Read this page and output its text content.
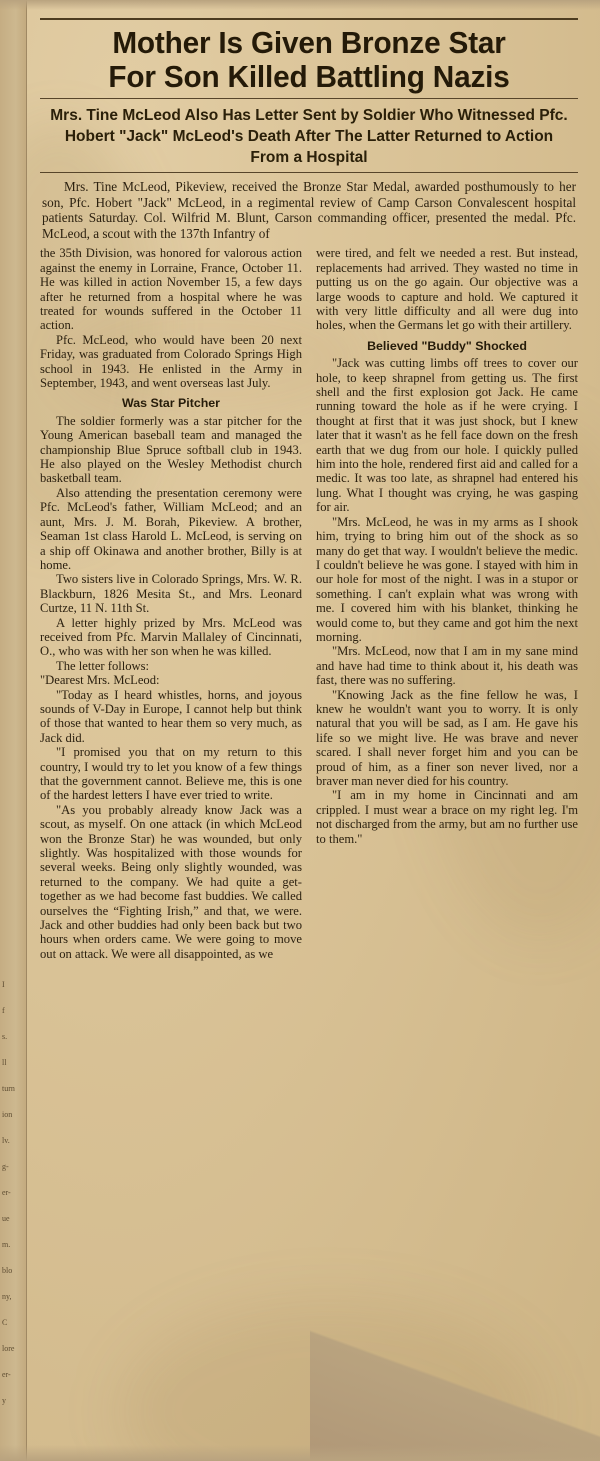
I
f
s.
ll
turn
ion
lv.
g-
er-
ue
m.
blo
ny,
C
lore
er-
y
Mother Is Given Bronze Star
For Son Killed Battling Nazis
Mrs. Tine McLeod Also Has Letter Sent by Soldier Who Witnessed Pfc. Hobert "Jack" McLeod's Death After The Latter Returned to Action From a Hospital

Mrs. Tine McLeod, Pikeview, received the Bronze Star Medal, awarded posthumously to her son, Pfc. Hobert "Jack" McLeod, in a regimental review of Camp Carson Convalescent hospital patients Saturday. Col. Wilfrid M. Blunt, Carson commanding officer, presented the medal. Pfc. McLeod, a scout with the 137th Infantry of

the 35th Division, was honored for valorous action against the enemy in Lorraine, France, October 11. He was killed in action November 15, a few days after he returned from a hospital where he was treated for wounds suffered in the October 11 action.

Pfc. McLeod, who would have been 20 next Friday, was graduated from Colorado Springs High school in 1943. He enlisted in the Army in September, 1943, and went overseas last July.

Was Star Pitcher

The soldier formerly was a star pitcher for the Young American baseball team and managed the championship Blue Spruce softball club in 1943. He also played on the Wesley Methodist church basketball team.

Also attending the presentation ceremony were Pfc. McLeod's father, William McLeod; and an aunt, Mrs. J. M. Borah, Pikeview. A brother, Seaman 1st class Harold L. McLeod, is serving on a ship off Okinawa and another brother, Billy is at home.

Two sisters live in Colorado Springs, Mrs. W. R. Blackburn, 1826 Mesita St., and Mrs. Leonard Curtze, 11 N. 11th St.

A letter highly prized by Mrs. McLeod was received from Pfc. Marvin Mallaley of Cincinnati, O., who was with her son when he was killed.

The letter follows:

"Dearest Mrs. McLeod:

"Today as I heard whistles, horns, and joyous sounds of V-Day in Europe, I cannot help but think of those that wanted to hear them so very much, as Jack did.

"I promised you that on my return to this country, I would try to let you know of a few things that the government cannot. Believe me, this is one of the hardest letters I have ever tried to write.

"As you probably already know Jack was a scout, as myself. On one attack (in which McLeod won the Bronze Star) he was wounded, but only slightly. Was hospitalized with those wounds for several weeks. Being only slightly wounded, was returned to the company. We had quite a get-together as we had become fast buddies. We called ourselves the “Fighting Irish,” and that, we were. Jack and other buddies had only been back but two hours when orders came. We were going to move out on attack. We were all disappointed, as we

were tired, and felt we needed a rest. But instead, replacements had arrived. They wasted no time in putting us on the go again. Our objective was a large woods to capture and hold. We captured it with very little difficulty and all were dug into holes, when the Germans let go with their artillery.

Believed "Buddy" Shocked

"Jack was cutting limbs off trees to cover our hole, to keep shrapnel from getting us. The first shell and the first explosion got Jack. He came running toward the hole as if he were crying. I thought at first that it was just shock, but I knew later that it wasn't as he fell face down on the fresh earth that we dug from our hole. I quickly pulled him into the hole, rendered first aid and called for a medic. It was too late, as shrapnel had entered his lung. What I thought was crying, he was gasping for air.

"Mrs. McLeod, he was in my arms as I shook him, trying to bring him out of the shock as so many do get that way. I wouldn't believe the medic. I couldn't believe he was gone. I stayed with him in our hole for most of the night. I was in a stupor or something. I can't explain what was wrong with me. I covered him with his blanket, thinking he would come to, but they came and got him the next morning.

"Mrs. McLeod, now that I am in my sane mind and have had time to think about it, his death was fast, there was no suffering.

"Knowing Jack as the fine fellow he was, I knew he wouldn't want you to worry. It is only natural that you will be sad, as I am. He gave his life so we might live. He was brave and never scared. I shall never forget him and you can be proud of him, as a finer son never lived, nor a braver man never died for his country.

"I am in my home in Cincinnati and am crippled. I must wear a brace on my right leg. I'm not discharged from the army, but am no further use to them."
